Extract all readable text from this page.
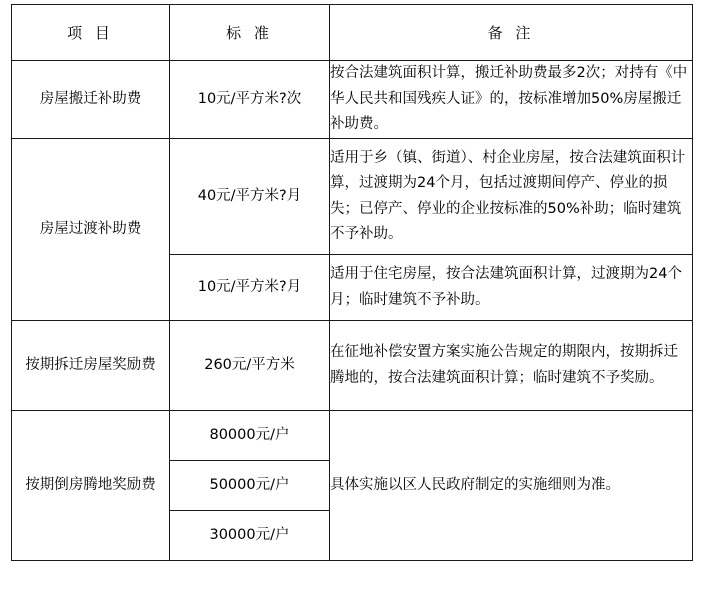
项 目	标 准	备 注
房屋搬迁补助费	10元/平方米?次	按合法建筑面积计算，搬迁补助费最多2次；对持有《中华人民共和国残疾人证》的，按标准增加50%房屋搬迁补助费。
房屋过渡补助费	40元/平方米?月	适用于乡（镇、街道）、村企业房屋，按合法建筑面积计算，过渡期为24个月，包括过渡期间停产、停业的损失；已停产、停业的企业按标准的50%补助；临时建筑不予补助。
	10元/平方米?月	适用于住宅房屋，按合法建筑面积计算，过渡期为24个月；临时建筑不予补助。
按期拆迁房屋奖励费	260元/平方米	在征地补偿安置方案实施公告规定的期限内，按期拆迁腾地的，按合法建筑面积计算；临时建筑不予奖励。
按期倒房腾地奖励费	80000元/户	具体实施以区人民政府制定的实施细则为准。
	50000元/户	
	30000元/户	
